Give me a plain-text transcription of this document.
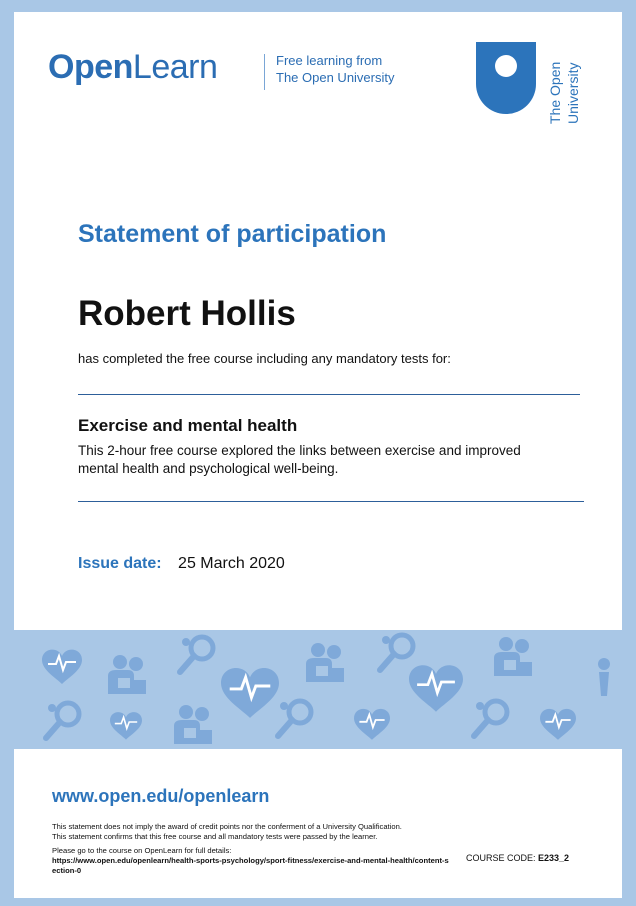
OpenLearn	Free learning from
The Open University	The Open University
Statement of participation
Robert Hollis
has completed the free course including any mandatory tests for:
Exercise and mental health
This 2-hour free course explored the links between exercise and improved mental health and psychological well-being.
Issue date: 25 March 2020
www.open.edu/openlearn
This statement does not imply the award of credit points nor the conferment of a University Qualification.
This statement confirms that this free course and all mandatory tests were passed by the learner.
Please go to the course on OpenLearn for full details:
https://www.open.edu/openlearn/health-sports-psychology/sport-fitness/exercise-and-mental-health/content-section-0
COURSE CODE: E233_2
